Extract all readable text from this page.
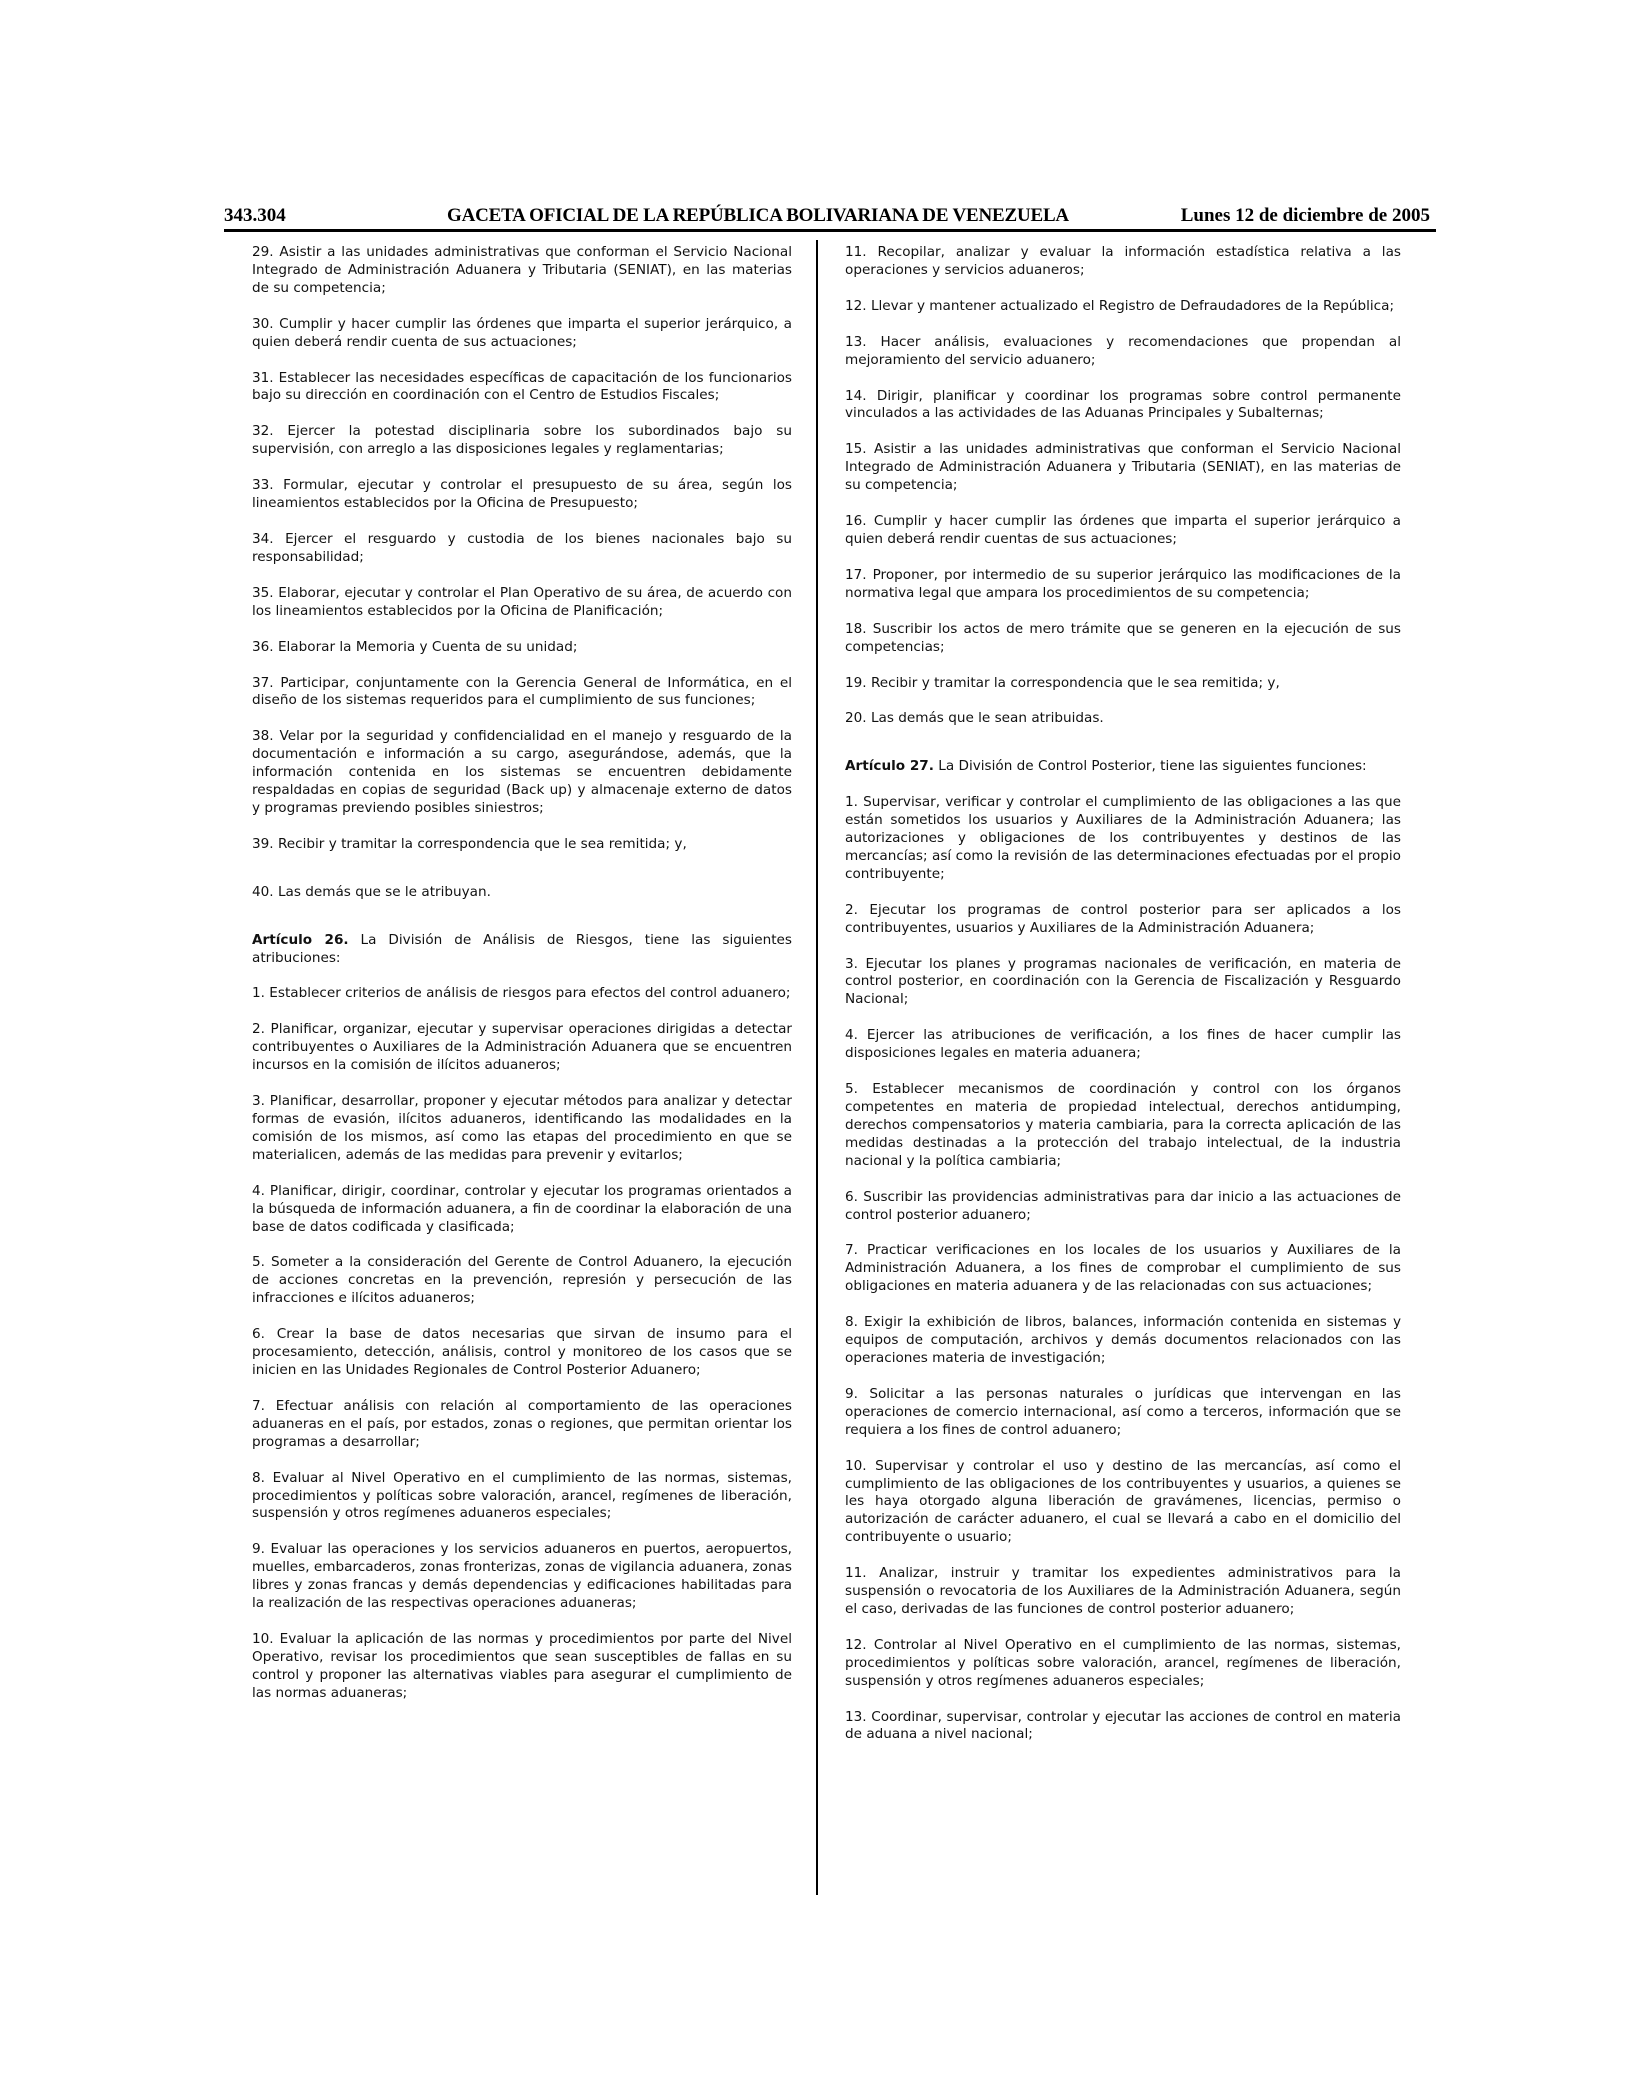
343.304	GACETA OFICIAL DE LA REPÚBLICA BOLIVARIANA DE VENEZUELA	Lunes 12 de diciembre de 2005

29. Asistir a las unidades administrativas que conforman el Servicio Nacional Integrado de Administración Aduanera y Tributaria (SENIAT), en las materias de su competencia;

30. Cumplir y hacer cumplir las órdenes que imparta el superior jerárquico, a quien deberá rendir cuenta de sus actuaciones;

31. Establecer las necesidades específicas de capacitación de los funcionarios bajo su dirección en coordinación con el Centro de Estudios Fiscales;

32. Ejercer la potestad disciplinaria sobre los subordinados bajo su supervisión, con arreglo a las disposiciones legales y reglamentarias;

33. Formular, ejecutar y controlar el presupuesto de su área, según los lineamientos establecidos por la Oficina de Presupuesto;

34. Ejercer el resguardo y custodia de los bienes nacionales bajo su responsabilidad;

35. Elaborar, ejecutar y controlar el Plan Operativo de su área, de acuerdo con los lineamientos establecidos por la Oficina de Planificación;

36. Elaborar la Memoria y Cuenta de su unidad;

37. Participar, conjuntamente con la Gerencia General de Informática, en el diseño de los sistemas requeridos para el cumplimiento de sus funciones;

38. Velar por la seguridad y confidencialidad en el manejo y resguardo de la documentación e información a su cargo, asegurándose, además, que la información contenida en los sistemas se encuentren debidamente respaldadas en copias de seguridad (Back up) y almacenaje externo de datos y programas previendo posibles siniestros;

39. Recibir y tramitar la correspondencia que le sea remitida; y,

40. Las demás que se le atribuyan.

Artículo 26. La División de Análisis de Riesgos, tiene las siguientes atribuciones:

1. Establecer criterios de análisis de riesgos para efectos del control aduanero;

2. Planificar, organizar, ejecutar y supervisar operaciones dirigidas a detectar contribuyentes o Auxiliares de la Administración Aduanera que se encuentren incursos en la comisión de ilícitos aduaneros;

3. Planificar, desarrollar, proponer y ejecutar métodos para analizar y detectar formas de evasión, ilícitos aduaneros, identificando las modalidades en la comisión de los mismos, así como las etapas del procedimiento en que se materialicen, además de las medidas para prevenir y evitarlos;

4. Planificar, dirigir, coordinar, controlar y ejecutar los programas orientados a la búsqueda de información aduanera, a fin de coordinar la elaboración de una base de datos codificada y clasificada;

5. Someter a la consideración del Gerente de Control Aduanero, la ejecución de acciones concretas en la prevención, represión y persecución de las infracciones e ilícitos aduaneros;

6. Crear la base de datos necesarias que sirvan de insumo para el procesamiento, detección, análisis, control y monitoreo de los casos que se inicien en las Unidades Regionales de Control Posterior Aduanero;

7. Efectuar análisis con relación al comportamiento de las operaciones aduaneras en el país, por estados, zonas o regiones, que permitan orientar los programas a desarrollar;

8. Evaluar al Nivel Operativo en el cumplimiento de las normas, sistemas, procedimientos y políticas sobre valoración, arancel, regímenes de liberación, suspensión y otros regímenes aduaneros especiales;

9. Evaluar las operaciones y los servicios aduaneros en puertos, aeropuertos, muelles, embarcaderos, zonas fronterizas, zonas de vigilancia aduanera, zonas libres y zonas francas y demás dependencias y edificaciones habilitadas para la realización de las respectivas operaciones aduaneras;

10. Evaluar la aplicación de las normas y procedimientos por parte del Nivel Operativo, revisar los procedimientos que sean susceptibles de fallas en su control y proponer las alternativas viables para asegurar el cumplimiento de las normas aduaneras;

11. Recopilar, analizar y evaluar la información estadística relativa a las operaciones y servicios aduaneros;

12. Llevar y mantener actualizado el Registro de Defraudadores de la República;

13. Hacer análisis, evaluaciones y recomendaciones que propendan al mejoramiento del servicio aduanero;

14. Dirigir, planificar y coordinar los programas sobre control permanente vinculados a las actividades de las Aduanas Principales y Subalternas;

15. Asistir a las unidades administrativas que conforman el Servicio Nacional Integrado de Administración Aduanera y Tributaria (SENIAT), en las materias de su competencia;

16. Cumplir y hacer cumplir las órdenes que imparta el superior jerárquico a quien deberá rendir cuentas de sus actuaciones;

17. Proponer, por intermedio de su superior jerárquico las modificaciones de la normativa legal que ampara los procedimientos de su competencia;

18. Suscribir los actos de mero trámite que se generen en la ejecución de sus competencias;

19. Recibir y tramitar la correspondencia que le sea remitida; y,

20. Las demás que le sean atribuidas.

Artículo 27. La División de Control Posterior, tiene las siguientes funciones:

1. Supervisar, verificar y controlar el cumplimiento de las obligaciones a las que están sometidos los usuarios y Auxiliares de la Administración Aduanera; las autorizaciones y obligaciones de los contribuyentes y destinos de las mercancías; así como la revisión de las determinaciones efectuadas por el propio contribuyente;

2. Ejecutar los programas de control posterior para ser aplicados a los contribuyentes, usuarios y Auxiliares de la Administración Aduanera;

3. Ejecutar los planes y programas nacionales de verificación, en materia de control posterior, en coordinación con la Gerencia de Fiscalización y Resguardo Nacional;

4. Ejercer las atribuciones de verificación, a los fines de hacer cumplir las disposiciones legales en materia aduanera;

5. Establecer mecanismos de coordinación y control con los órganos competentes en materia de propiedad intelectual, derechos antidumping, derechos compensatorios y materia cambiaria, para la correcta aplicación de las medidas destinadas a la protección del trabajo intelectual, de la industria nacional y la política cambiaria;

6. Suscribir las providencias administrativas para dar inicio a las actuaciones de control posterior aduanero;

7. Practicar verificaciones en los locales de los usuarios y Auxiliares de la Administración Aduanera, a los fines de comprobar el cumplimiento de sus obligaciones en materia aduanera y de las relacionadas con sus actuaciones;

8. Exigir la exhibición de libros, balances, información contenida en sistemas y equipos de computación, archivos y demás documentos relacionados con las operaciones materia de investigación;

9. Solicitar a las personas naturales o jurídicas que intervengan en las operaciones de comercio internacional, así como a terceros, información que se requiera a los fines de control aduanero;

10. Supervisar y controlar el uso y destino de las mercancías, así como el cumplimiento de las obligaciones de los contribuyentes y usuarios, a quienes se les haya otorgado alguna liberación de gravámenes, licencias, permiso o autorización de carácter aduanero, el cual se llevará a cabo en el domicilio del contribuyente o usuario;

11. Analizar, instruir y tramitar los expedientes administrativos para la suspensión o revocatoria de los Auxiliares de la Administración Aduanera, según el caso, derivadas de las funciones de control posterior aduanero;

12. Controlar al Nivel Operativo en el cumplimiento de las normas, sistemas, procedimientos y políticas sobre valoración, arancel, regímenes de liberación, suspensión y otros regímenes aduaneros especiales;

13. Coordinar, supervisar, controlar y ejecutar las acciones de control en materia de aduana a nivel nacional;
